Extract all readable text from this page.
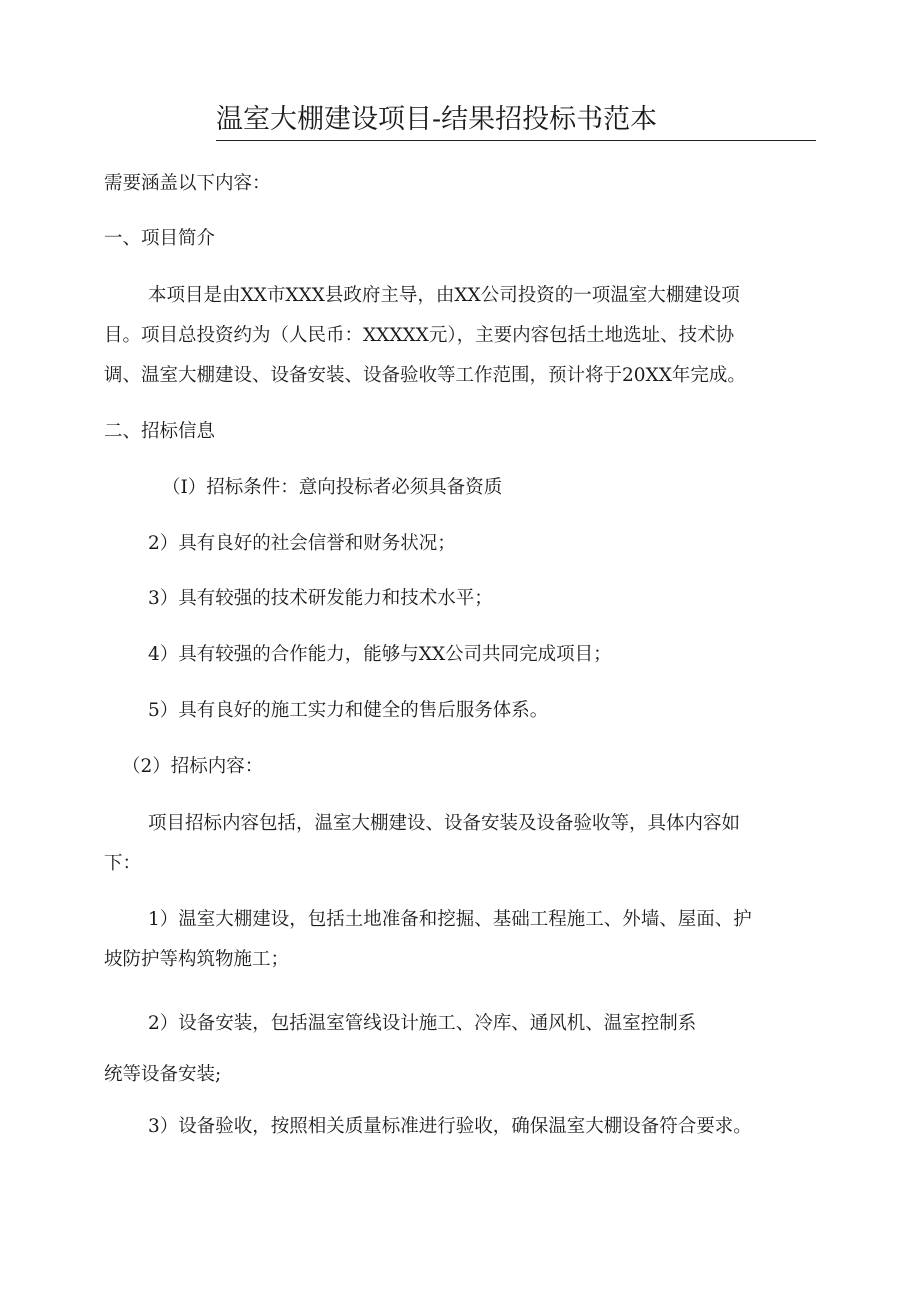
温室大棚建设项目-结果招投标书范本
需要涵盖以下内容：
一、项目简介
本项目是由XX市XXX县政府主导，由XX公司投资的一项温室大棚建设项
目。项目总投资约为（人民币：XXXXX元），主要内容包括土地选址、技术协
调、温室大棚建设、设备安装、设备验收等工作范围，预计将于20XX年完成。
二、招标信息
（I）招标条件：意向投标者必须具备资质
2）具有良好的社会信誉和财务状况；
3）具有较强的技术研发能力和技术水平；
4）具有较强的合作能力，能够与XX公司共同完成项目；
5）具有良好的施工实力和健全的售后服务体系。
（2）招标内容：
项目招标内容包括，温室大棚建设、设备安装及设备验收等，具体内容如
下：
1）温室大棚建设，包括土地准备和挖掘、基础工程施工、外墙、屋面、护
坡防护等构筑物施工；
2）设备安装，包括温室管线设计施工、冷库、通风机、温室控制系
统等设备安装;
3）设备验收，按照相关质量标准进行验收，确保温室大棚设备符合要求。
